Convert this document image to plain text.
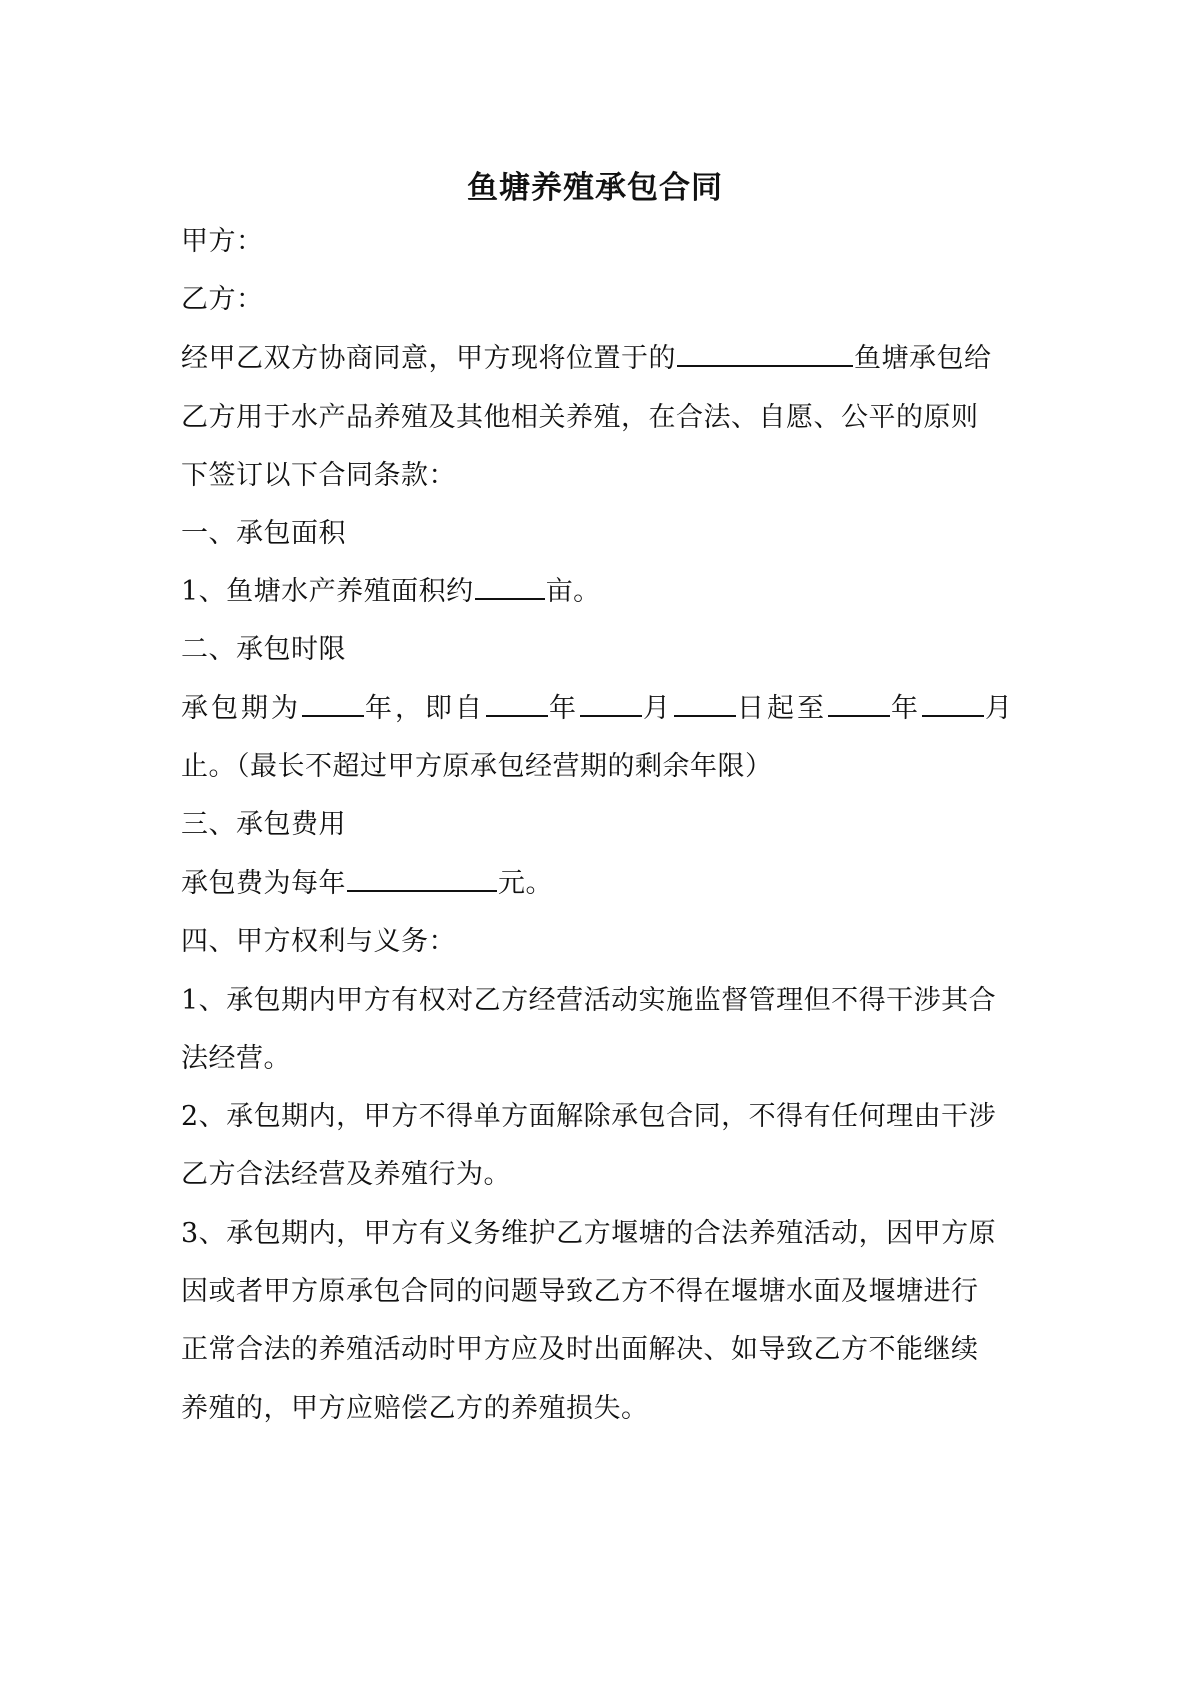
鱼塘养殖承包合同
甲方：
乙方：
经甲乙双方协商同意，甲方现将位置于的	鱼塘承包给
乙方用于水产品养殖及其他相关养殖，在合法、自愿、公平的原则
下签订以下合同条款：
一、承包面积
1、鱼塘水产养殖面积约	亩。
二、承包时限
承包期为 年，即自 年 月 日起至 年 月
止。（最长不超过甲方原承包经营期的剩余年限）
三、承包费用
承包费为每年	元。
四、甲方权利与义务：
1、承包期内甲方有权对乙方经营活动实施监督管理但不得干涉其合
法经营。
2、承包期内，甲方不得单方面解除承包合同，不得有任何理由干涉
乙方合法经营及养殖行为。
3、承包期内，甲方有义务维护乙方堰塘的合法养殖活动，因甲方原
因或者甲方原承包合同的问题导致乙方不得在堰塘水面及堰塘进行
正常合法的养殖活动时甲方应及时出面解决、如导致乙方不能继续
养殖的，甲方应赔偿乙方的养殖损失。
